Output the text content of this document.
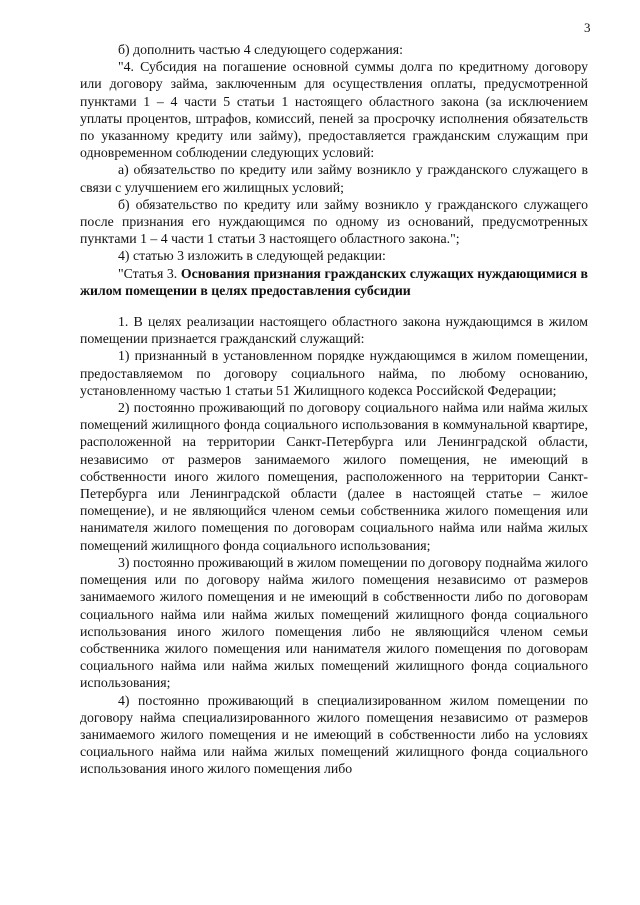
3

б) дополнить частью 4 следующего содержания:

"4. Субсидия на погашение основной суммы долга по кредитному договору или договору займа, заключенным для осуществления оплаты, предусмотренной пунктами 1 – 4 части 5 статьи 1 настоящего областного закона (за исключением уплаты процентов, штрафов, комиссий, пеней за просрочку исполнения обязательств по указанному кредиту или займу), предоставляется гражданским служащим при одновременном соблюдении следующих условий:

а) обязательство по кредиту или займу возникло у гражданского служащего в связи с улучшением его жилищных условий;

б) обязательство по кредиту или займу возникло у гражданского служащего после признания его нуждающимся по одному из оснований, предусмотренных пунктами 1 – 4 части 1 статьи 3 настоящего областного закона.";

4) статью 3 изложить в следующей редакции:

"Статья 3. Основания признания гражданских служащих нуждающимися в жилом помещении в целях предоставления субсидии

1. В целях реализации настоящего областного закона нуждающимся в жилом помещении признается гражданский служащий:

1) признанный в установленном порядке нуждающимся в жилом помещении, предоставляемом по договору социального найма, по любому основанию, установленному частью 1 статьи 51 Жилищного кодекса Российской Федерации;

2) постоянно проживающий по договору социального найма или найма жилых помещений жилищного фонда социального использования в коммунальной квартире, расположенной на территории Санкт-Петербурга или Ленинградской области, независимо от размеров занимаемого жилого помещения, не имеющий в собственности иного жилого помещения, расположенного на территории Санкт-Петербурга или Ленинградской области (далее в настоящей статье – жилое помещение), и не являющийся членом семьи собственника жилого помещения или нанимателя жилого помещения по договорам социального найма или найма жилых помещений жилищного фонда социального использования;

3) постоянно проживающий в жилом помещении по договору поднайма жилого помещения или по договору найма жилого помещения независимо от размеров занимаемого жилого помещения и не имеющий в собственности либо по договорам социального найма или найма жилых помещений жилищного фонда социального использования иного жилого помещения либо не являющийся членом семьи собственника жилого помещения или нанимателя жилого помещения по договорам социального найма или найма жилых помещений жилищного фонда социального использования;

4) постоянно проживающий в специализированном жилом помещении по договору найма специализированного жилого помещения независимо от размеров занимаемого жилого помещения и не имеющий в собственности либо на условиях социального найма или найма жилых помещений жилищного фонда социального использования иного жилого помещения либо
